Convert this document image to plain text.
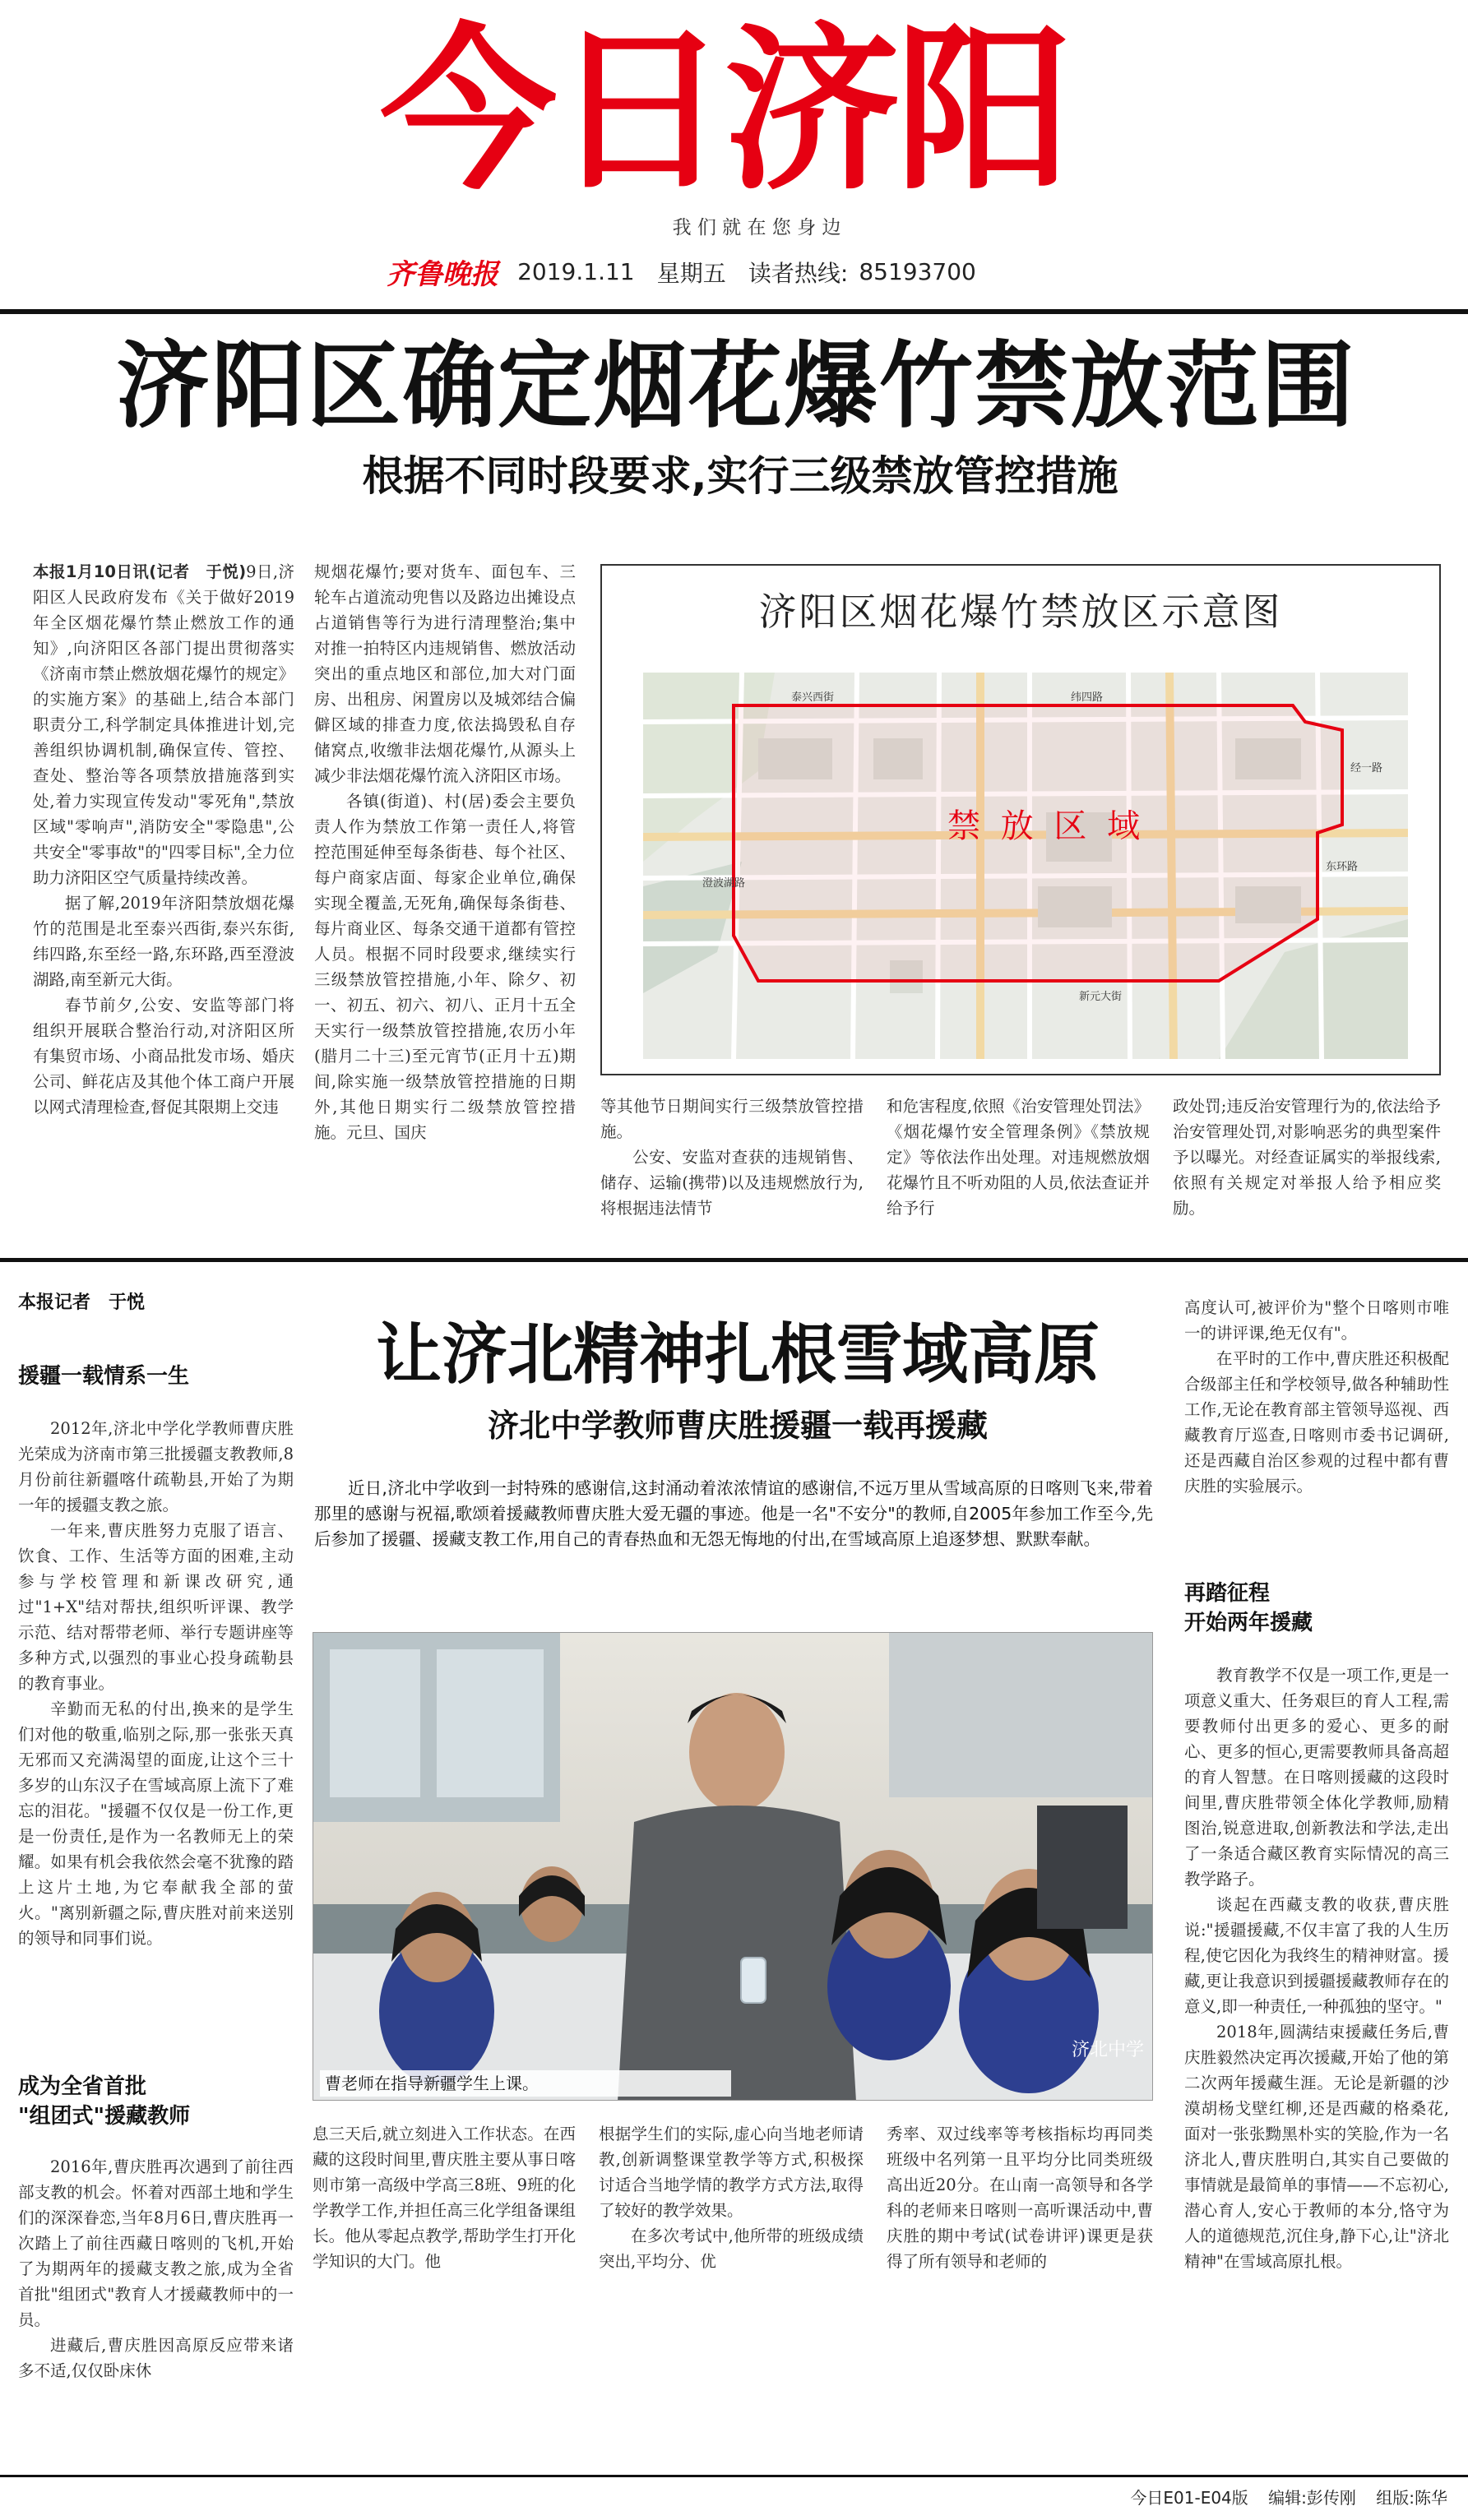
今日济阳
我 们 就 在 您 身 边
齐鲁晚报 2019.1.11 星期五 读者热线: 85193700
济阳区确定烟花爆竹禁放范围
根据不同时段要求,实行三级禁放管控措施

本报1月10日讯(记者　于悦)9日,济阳区人民政府发布《关于做好2019年全区烟花爆竹禁止燃放工作的通知》,向济阳区各部门提出贯彻落实《济南市禁止燃放烟花爆竹的规定》的实施方案》的基础上,结合本部门职责分工,科学制定具体推进计划,完善组织协调机制,确保宣传、管控、查处、整治等各项禁放措施落到实处,着力实现宣传发动"零死角",禁放区域"零响声",消防安全"零隐患",公共安全"零事故"的"四零目标",全力位助力济阳区空气质量持续改善。

据了解,2019年济阳禁放烟花爆竹的范围是北至泰兴西街,泰兴东街,纬四路,东至经一路,东环路,西至澄波湖路,南至新元大街。

春节前夕,公安、安监等部门将组织开展联合整治行动,对济阳区所有集贸市场、小商品批发市场、婚庆公司、鲜花店及其他个体工商户开展以网式清理检查,督促其限期上交违

规烟花爆竹;要对货车、面包车、三轮车占道流动兜售以及路边出摊设点占道销售等行为进行清理整治;集中对推一拍特区内违规销售、燃放活动突出的重点地区和部位,加大对门面房、出租房、闲置房以及城郊结合偏僻区域的排查力度,依法捣毁私自存储窝点,收缴非法烟花爆竹,从源头上减少非法烟花爆竹流入济阳区市场。

各镇(街道)、村(居)委会主要负责人作为禁放工作第一责任人,将管控范围延伸至每条街巷、每个社区、每户商家店面、每家企业单位,确保实现全覆盖,无死角,确保每条街巷、每片商业区、每条交通干道都有管控人员。根据不同时段要求,继续实行三级禁放管控措施,小年、除夕、初一、初五、初六、初八、正月十五全天实行一级禁放管控措施,农历小年(腊月二十三)至元宵节(正月十五)期间,除实施一级禁放管控措施的日期外,其他日期实行二级禁放管控措施。元旦、国庆

济阳区烟花爆竹禁放区示意图
禁 放 区 域
新元大街
澄波湖路
东环路
泰兴西街	纬四路
经一路

等其他节日期间实行三级禁放管控措施。

公安、安监对查获的违规销售、储存、运输(携带)以及违规燃放行为,将根据违法情节

和危害程度,依照《治安管理处罚法》《烟花爆竹安全管理条例》《禁放规定》等依法作出处理。对违规燃放烟花爆竹且不听劝阻的人员,依法查证并给予行

政处罚;违反治安管理行为的,依法给予治安管理处罚,对影响恶劣的典型案件予以曝光。对经查证属实的举报线索,依照有关规定对举报人给予相应奖励。

本报记者　于悦
援疆一载情系一生

2012年,济北中学化学教师曹庆胜光荣成为济南市第三批援疆支教教师,8月份前往新疆喀什疏勒县,开始了为期一年的援疆支教之旅。

一年来,曹庆胜努力克服了语言、饮食、工作、生活等方面的困难,主动参与学校管理和新课改研究,通过"1+X"结对帮扶,组织听评课、教学示范、结对帮带老师、举行专题讲座等多种方式,以强烈的事业心投身疏勒县的教育事业。

辛勤而无私的付出,换来的是学生们对他的敬重,临别之际,那一张张天真无邪而又充满渴望的面庞,让这个三十多岁的山东汉子在雪域高原上流下了难忘的泪花。"援疆不仅仅是一份工作,更是一份责任,是作为一名教师无上的荣耀。如果有机会我依然会毫不犹豫的踏上这片土地,为它奉献我全部的萤火。"离别新疆之际,曹庆胜对前来送别的领导和同事们说。

成为全省首批
"组团式"援藏教师

2016年,曹庆胜再次遇到了前往西部支教的机会。怀着对西部土地和学生们的深深眷恋,当年8月6日,曹庆胜再一次踏上了前往西藏日喀则的飞机,开始了为期两年的援藏支教之旅,成为全省首批"组团式"教育人才援藏教师中的一员。

进藏后,曹庆胜因高原反应带来诸多不适,仅仅卧床休

让济北精神扎根雪域高原
济北中学教师曹庆胜援疆一载再援藏
近日,济北中学收到一封特殊的感谢信,这封涌动着浓浓情谊的感谢信,不远万里从雪域高原的日喀则飞来,带着那里的感谢与祝福,歌颂着援藏教师曹庆胜大爱无疆的事迹。他是一名"不安分"的教师,自2005年参加工作至今,先后参加了援疆、援藏支教工作,用自己的青春热血和无怨无悔地的付出,在雪域高原上追逐梦想、默默奉献。
曹老师在指导新疆学生上课。
济北中学

息三天后,就立刻进入工作状态。在西藏的这段时间里,曹庆胜主要从事日喀则市第一高级中学高三8班、9班的化学教学工作,并担任高三化学组备课组长。他从零起点教学,帮助学生打开化学知识的大门。他

根据学生们的实际,虚心向当地老师请教,创新调整课堂教学等方式,积极探讨适合当地学情的教学方式方法,取得了较好的教学效果。

在多次考试中,他所带的班级成绩突出,平均分、优

秀率、双过线率等考核指标均再同类班级中名列第一且平均分比同类班级高出近20分。在山南一高领导和各学科的老师来日喀则一高听课活动中,曹庆胜的期中考试(试卷讲评)课更是获得了所有领导和老师的

高度认可,被评价为"整个日喀则市唯一的讲评课,绝无仅有"。

在平时的工作中,曹庆胜还积极配合级部主任和学校领导,做各种辅助性工作,无论在教育部主管领导巡视、西藏教育厅巡查,日喀则市委书记调研,还是西藏自治区参观的过程中都有曹庆胜的实验展示。

再踏征程
开始两年援藏

教育教学不仅是一项工作,更是一项意义重大、任务艰巨的育人工程,需要教师付出更多的爱心、更多的耐心、更多的恒心,更需要教师具备高超的育人智慧。在日喀则援藏的这段时间里,曹庆胜带领全体化学教师,励精图治,锐意进取,创新教法和学法,走出了一条适合藏区教育实际情况的高三教学路子。

谈起在西藏支教的收获,曹庆胜说:"援疆援藏,不仅丰富了我的人生历程,使它因化为我终生的精神财富。援藏,更让我意识到援疆援藏教师存在的意义,即一种责任,一种孤独的坚守。"

2018年,圆满结束援藏任务后,曹庆胜毅然决定再次援藏,开始了他的第二次两年援藏生涯。无论是新疆的沙漠胡杨戈壁红柳,还是西藏的格桑花,面对一张张黝黑朴实的笑脸,作为一名济北人,曹庆胜明白,其实自己要做的事情就是最简单的事情——不忘初心,潜心育人,安心于教师的本分,恪守为人的道德规范,沉住身,静下心,让"济北精神"在雪域高原扎根。

今日E01-E04版 编辑:彭传刚 组版:陈华
